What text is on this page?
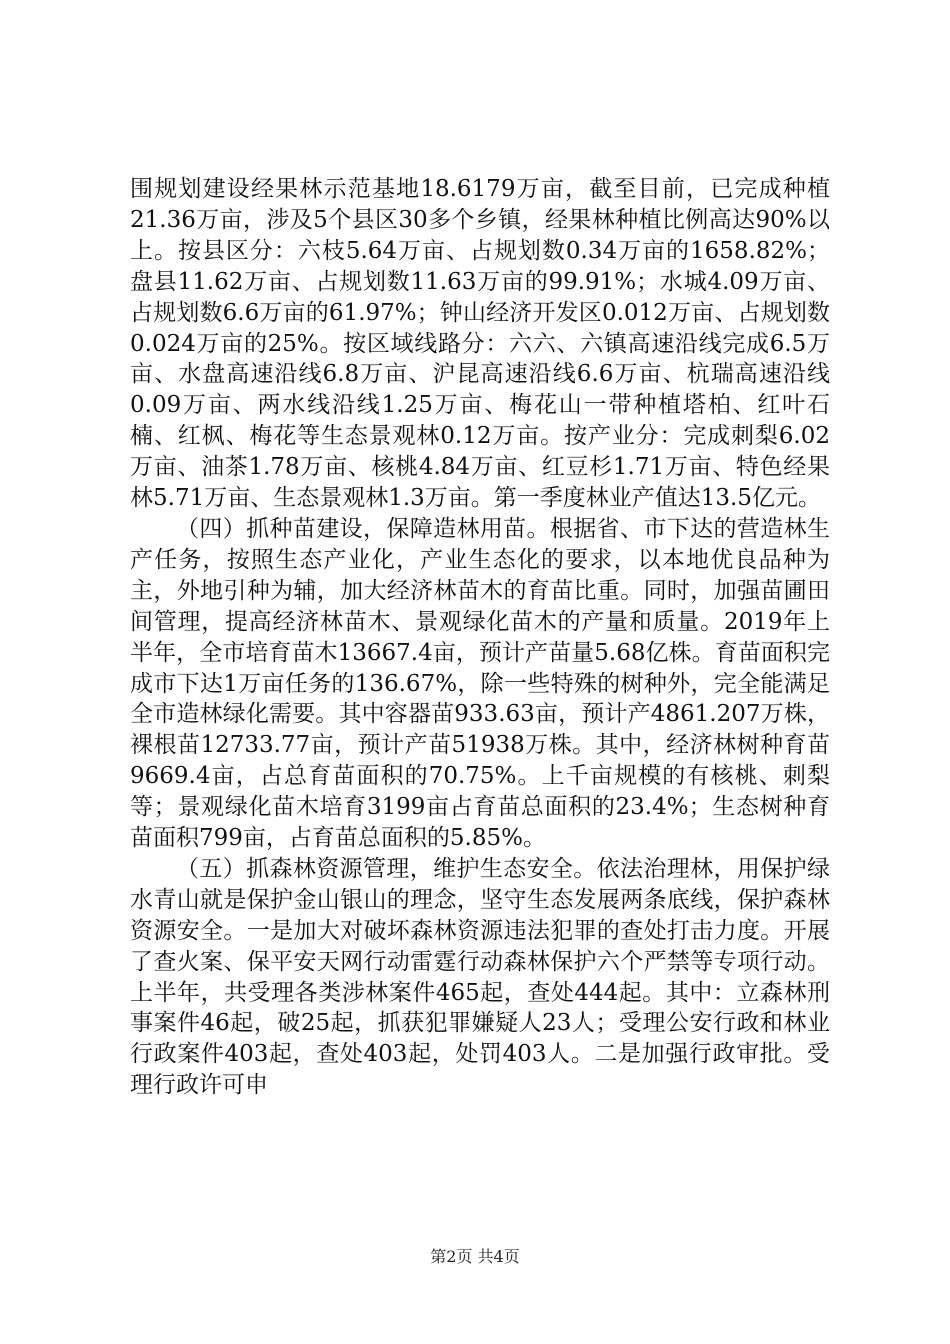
围规划建设经果林示范基地18.6179万亩，截至目前，已完成种植21.36万亩，涉及5个县区30多个乡镇，经果林种植比例高达90%以上。按县区分：六枝5.64万亩、占规划数0.34万亩的1658.82%；盘县11.62万亩、占规划数11.63万亩的99.91%；水城4.09万亩、占规划数6.6万亩的61.97%；钟山经济开发区0.012万亩、占规划数0.024万亩的25%。按区域线路分：六六、六镇高速沿线完成6.5万亩、水盘高速沿线6.8万亩、沪昆高速沿线6.6万亩、杭瑞高速沿线0.09万亩、两水线沿线1.25万亩、梅花山一带种植塔柏、红叶石楠、红枫、梅花等生态景观林0.12万亩。按产业分：完成刺梨6.02万亩、油茶1.78万亩、核桃4.84万亩、红豆杉1.71万亩、特色经果林5.71万亩、生态景观林1.3万亩。第一季度林业产值达13.5亿元。

（四）抓种苗建设，保障造林用苗。根据省、市下达的营造林生产任务，按照生态产业化，产业生态化的要求，以本地优良品种为主，外地引种为辅，加大经济林苗木的育苗比重。同时，加强苗圃田间管理，提高经济林苗木、景观绿化苗木的产量和质量。2019年上半年，全市培育苗木13667.4亩，预计产苗量5.68亿株。育苗面积完成市下达1万亩任务的136.67%，除一些特殊的树种外，完全能满足全市造林绿化需要。其中容器苗933.63亩，预计产4861.207万株，裸根苗12733.77亩，预计产苗51938万株。其中，经济林树种育苗9669.4亩，占总育苗面积的70.75%。上千亩规模的有核桃、刺梨等；景观绿化苗木培育3199亩占育苗总面积的23.4%；生态树种育苗面积799亩，占育苗总面积的5.85%。

（五）抓森林资源管理，维护生态安全。依法治理林，用保护绿水青山就是保护金山银山的理念，坚守生态发展两条底线，保护森林资源安全。一是加大对破坏森林资源违法犯罪的查处打击力度。开展了查火案、保平安天网行动雷霆行动森林保护六个严禁等专项行动。上半年，共受理各类涉林案件465起，查处444起。其中：立森林刑事案件46起，破25起，抓获犯罪嫌疑人23人；受理公安行政和林业行政案件403起，查处403起，处罚403人。二是加强行政审批。受理行政许可申

第2页 共4页
